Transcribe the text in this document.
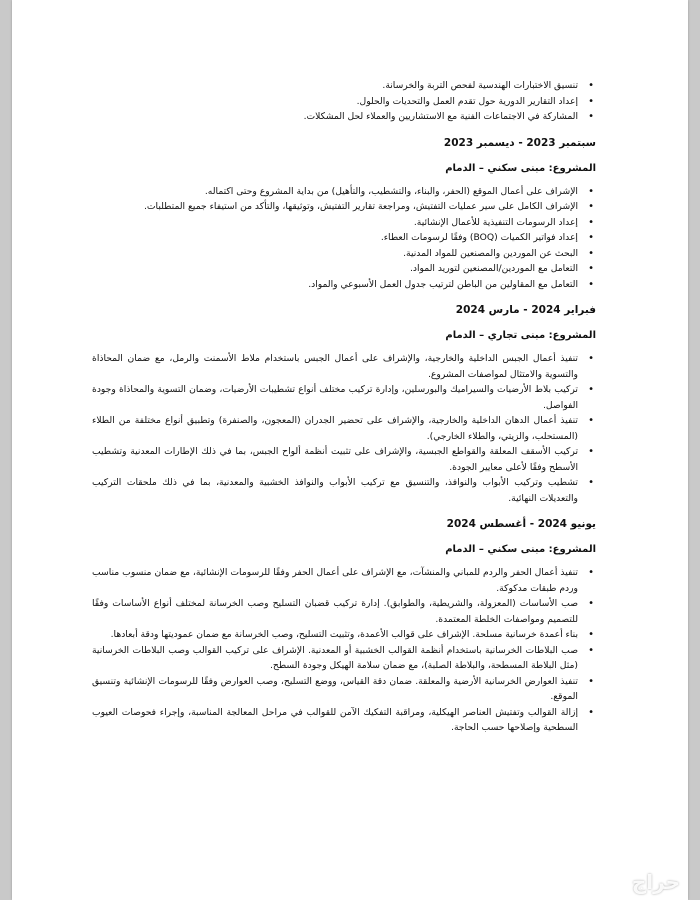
• تنسيق الاختبارات الهندسية لفحص التربة والخرسانة.
• إعداد التقارير الدورية حول تقدم العمل والتحديات والحلول.
• المشاركة في الاجتماعات الفنية مع الاستشاريين والعملاء لحل المشكلات.
سبتمبر 2023 - ديسمبر 2023
المشروع: مبنى سكني – الدمام
• الإشراف على أعمال الموقع (الحفر، والبناء، والتشطيب، والتأهيل) من بداية المشروع وحتى اكتماله.
• الإشراف الكامل على سير عمليات التفتيش، ومراجعة تقارير التفتيش، وتوثيقها، والتأكد من استيفاء جميع المتطلبات.
• إعداد الرسومات التنفيذية للأعمال الإنشائية.
• إعداد فواتير الكميات (BOQ) وفقًا لرسومات العطاء.
• البحث عن الموردين والمصنعين للمواد المدنية.
• التعامل مع الموردين/المصنعين لتوريد المواد.
• التعامل مع المقاولين من الباطن لترتيب جدول العمل الأسبوعي والمواد.
فبراير 2024 - مارس 2024
المشروع: مبنى تجاري – الدمام
• تنفيذ أعمال الجبس الداخلية والخارجية، والإشراف على أعمال الجبس باستخدام ملاط الأسمنت والرمل، مع ضمان المحاذاة والتسوية والامتثال لمواصفات المشروع.
• تركيب بلاط الأرضيات والسيراميك والبورسلين، وإدارة تركيب مختلف أنواع تشطيبات الأرضيات، وضمان التسوية والمحاذاة وجودة الفواصل.
• تنفيذ أعمال الدهان الداخلية والخارجية، والإشراف على تحضير الجدران (المعجون، والصنفرة) وتطبيق أنواع مختلفة من الطلاء (المستحلب، والزيتي، والطلاء الخارجي).
• تركيب الأسقف المعلقة والقواطع الجبسية، والإشراف على تثبيت أنظمة ألواح الجبس، بما في ذلك الإطارات المعدنية وتشطيب الأسطح وفقًا لأعلى معايير الجودة.
• تشطيب وتركيب الأبواب والنوافذ، والتنسيق مع تركيب الأبواب والنوافذ الخشبية والمعدنية، بما في ذلك ملحقات التركيب والتعديلات النهائية.
يونيو 2024 - أغسطس 2024
المشروع: مبنى سكني – الدمام
• تنفيذ أعمال الحفر والردم للمباني والمنشآت، مع الإشراف على أعمال الحفر وفقًا للرسومات الإنشائية، مع ضمان منسوب مناسب وردم طبقات مدكوكة.
• صب الأساسات (المعزولة، والشريطية، والطوابق). إدارة تركيب قضبان التسليح وصب الخرسانة لمختلف أنواع الأساسات وفقًا للتصميم ومواصفات الخلطة المعتمدة.
• بناء أعمدة خرسانية مسلحة. الإشراف على قوالب الأعمدة، وتثبيت التسليح، وصب الخرسانة مع ضمان عموديتها ودقة أبعادها.
• صب البلاطات الخرسانية باستخدام أنظمة القوالب الخشبية أو المعدنية. الإشراف على تركيب القوالب وصب البلاطات الخرسانية (مثل البلاطة المسطحة، والبلاطة الصلبة)، مع ضمان سلامة الهيكل وجودة السطح.
• تنفيذ العوارض الخرسانية الأرضية والمعلقة. ضمان دقة القياس، ووضع التسليح، وصب العوارض وفقًا للرسومات الإنشائية وتنسيق الموقع.
• إزالة القوالب وتفتيش العناصر الهيكلية، ومراقبة التفكيك الآمن للقوالب في مراحل المعالجة المناسبة، وإجراء فحوصات العيوب السطحية وإصلاحها حسب الحاجة.
حراج
